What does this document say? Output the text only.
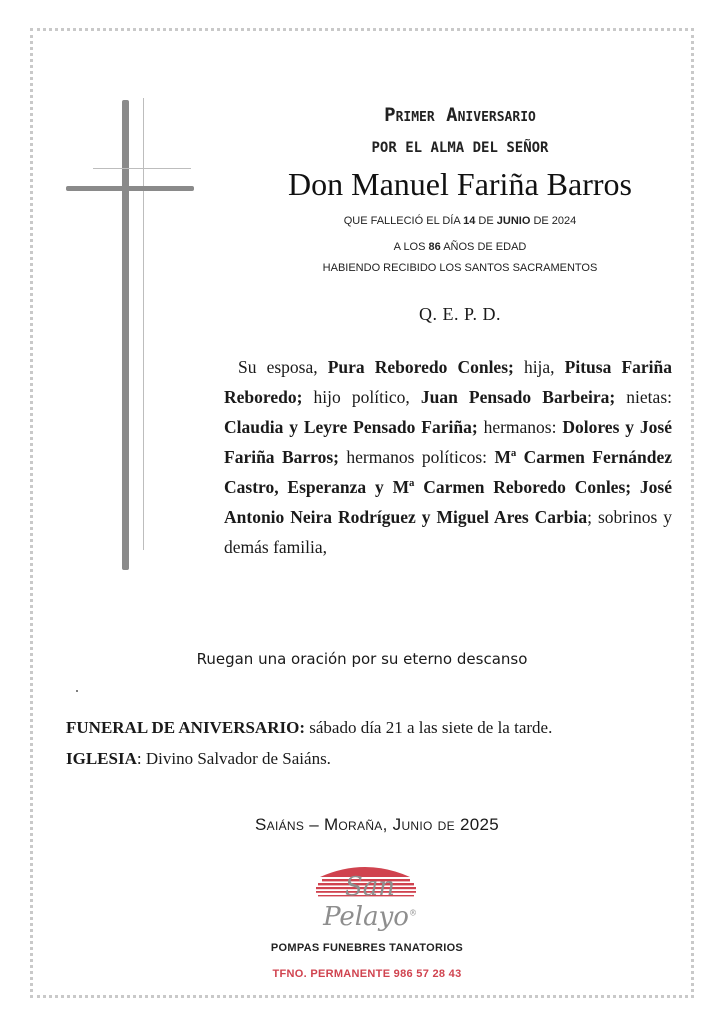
Primer Aniversario
POR EL ALMA DEL SEÑOR
Don Manuel Fariña Barros
QUE FALLECIÓ EL DÍA 14 DE JUNIO DE 2024
A LOS 86 AÑOS DE EDAD
HABIENDO RECIBIDO LOS SANTOS SACRAMENTOS
Q. E. P. D.
Su esposa, Pura Reboredo Conles; hija, Pitusa Fariña Reboredo; hijo político, Juan Pensado Barbeira; nietas: Claudia y Leyre Pensado Fariña; hermanos: Dolores y José Fariña Barros; hermanos políticos: Mª Carmen Fernández Castro, Esperanza y Mª Carmen Reboredo Conles; José Antonio Neira Rodríguez y Miguel Ares Carbia; sobrinos y demás familia,
Ruegan una oración por su eterno descanso
FUNERAL DE ANIVERSARIO: sábado día 21 a las siete de la tarde.
IGLESIA: Divino Salvador de Saiáns.
Saiáns – Moraña, Junio de 2025
San Pelayo®
POMPAS FUNEBRES TANATORIOS
TFNO. PERMANENTE 986 57 28 43
